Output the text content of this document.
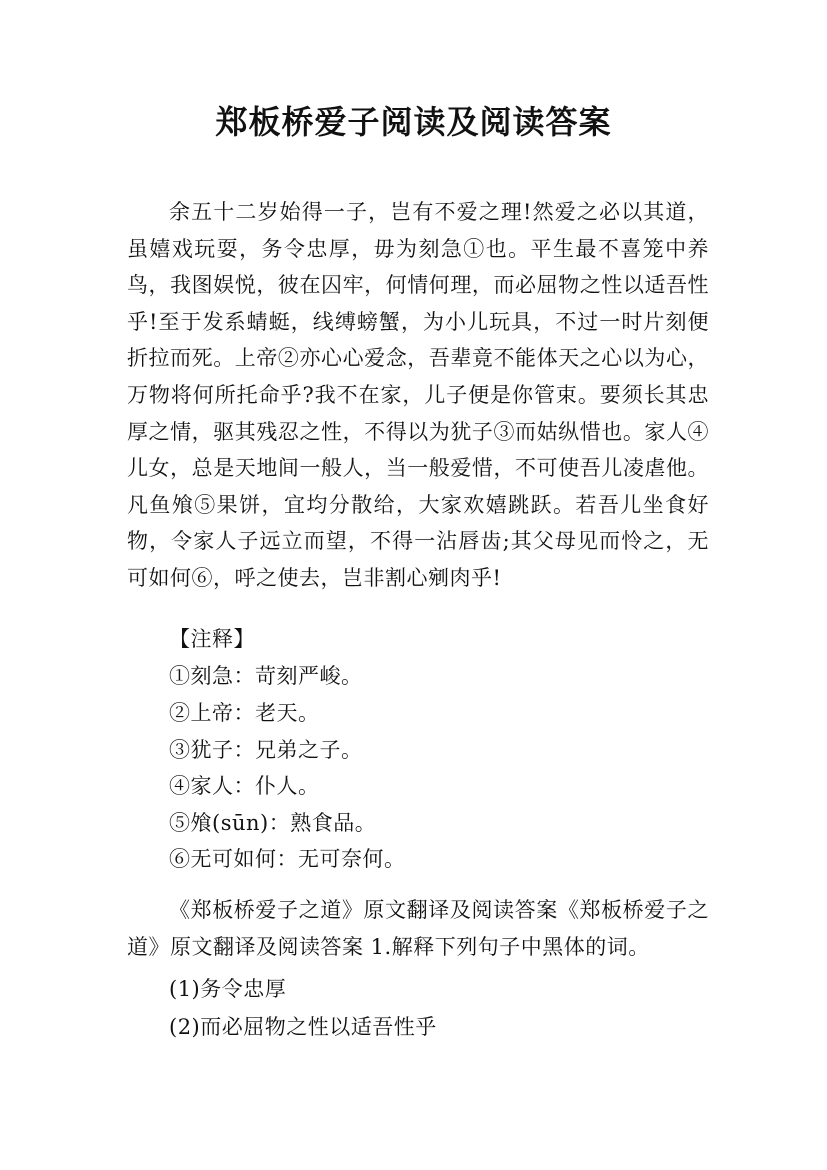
郑板桥爱子阅读及阅读答案

余五十二岁始得一子，岂有不爱之理!然爱之必以其道，虽嬉戏玩耍，务令忠厚，毋为刻急①也。平生最不喜笼中养鸟，我图娱悦，彼在囚牢，何情何理，而必屈物之性以适吾性乎!至于发系蜻蜓，线缚螃蟹，为小儿玩具，不过一时片刻便折拉而死。上帝②亦心心爱念，吾辈竟不能体天之心以为心，万物将何所托命乎?我不在家，儿子便是你管束。要须长其忠厚之情，驱其残忍之性，不得以为犹子③而姑纵惜也。家人④儿女，总是天地间一般人，当一般爱惜，不可使吾儿凌虐他。凡鱼飧⑤果饼，宜均分散给，大家欢嬉跳跃。若吾儿坐食好物，令家人子远立而望，不得一沾唇齿;其父母见而怜之，无可如何⑥，呼之使去，岂非割心剜肉乎!

【注释】

①刻急：苛刻严峻。

②上帝：老天。

③犹子：兄弟之子。

④家人：仆人。

⑤飧(sūn)：熟食品。

⑥无可如何：无可奈何。

《郑板桥爱子之道》原文翻译及阅读答案《郑板桥爱子之道》原文翻译及阅读答案 1.解释下列句子中黑体的词。

(1)务令忠厚

(2)而必屈物之性以适吾性乎
